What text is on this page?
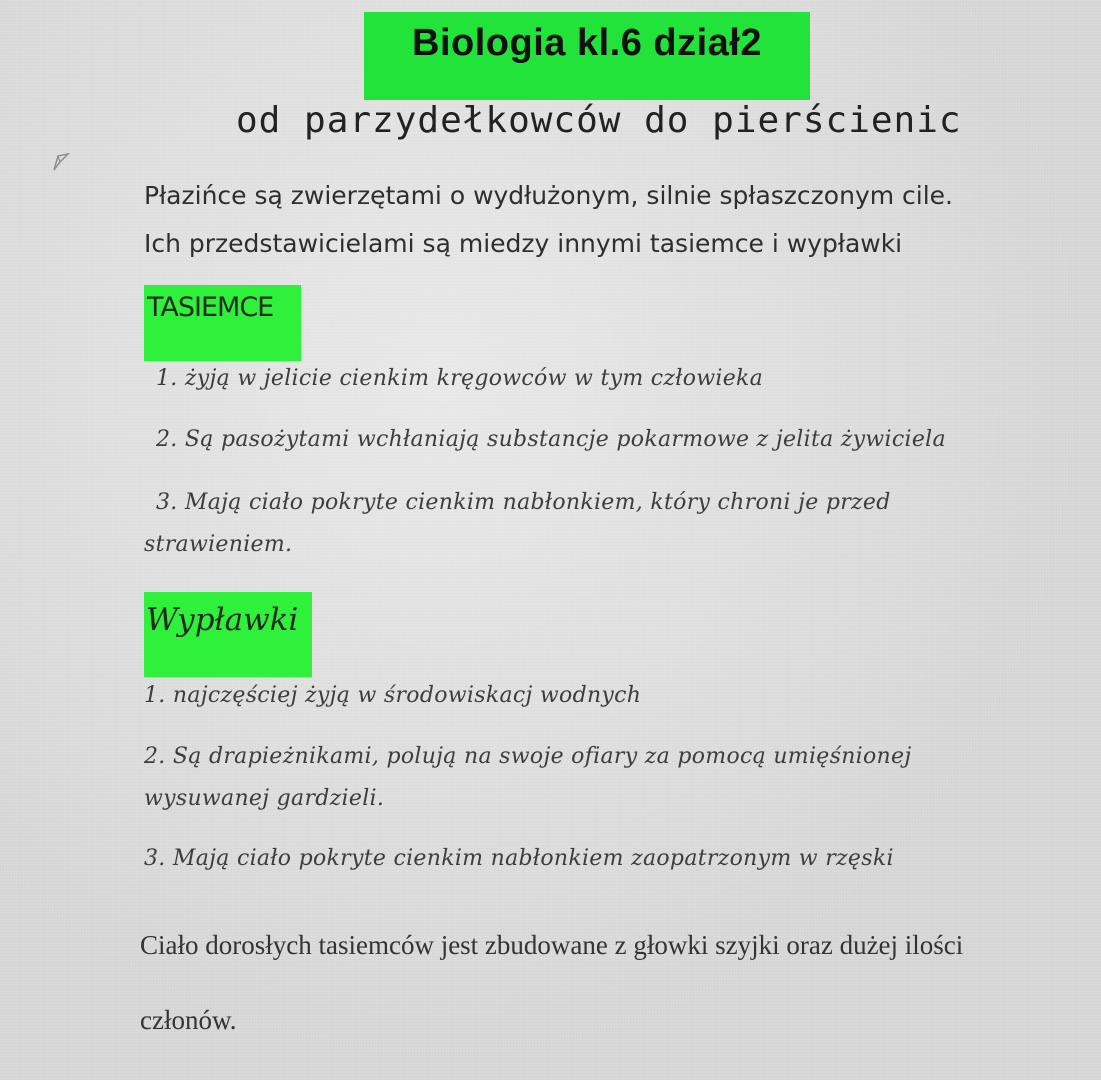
Biologia kl.6 dział2
od parzydełkowców do pierścienic
Płazińce są zwierzętami o wydłużonym, silnie spłaszczonym cile.
Ich przedstawicielami są miedzy innymi tasiemce i wypławki
TASIEMCE
1. żyją w jelicie cienkim kręgowców w tym człowieka
2. Są pasożytami wchłaniają substancje pokarmowe z jelita żywiciela
3. Mają ciało pokryte cienkim nabłonkiem, który chroni je przed
strawieniem.
Wypławki
1. najczęściej żyją w środowiskacj wodnych
2. Są drapieżnikami, polują na swoje ofiary za pomocą umięśnionej
wysuwanej gardzieli.
3. Mają ciało pokryte cienkim nabłonkiem zaopatrzonym w rzęski
Ciało dorosłych tasiemców jest zbudowane z głowki szyjki oraz dużej ilości
członów.
